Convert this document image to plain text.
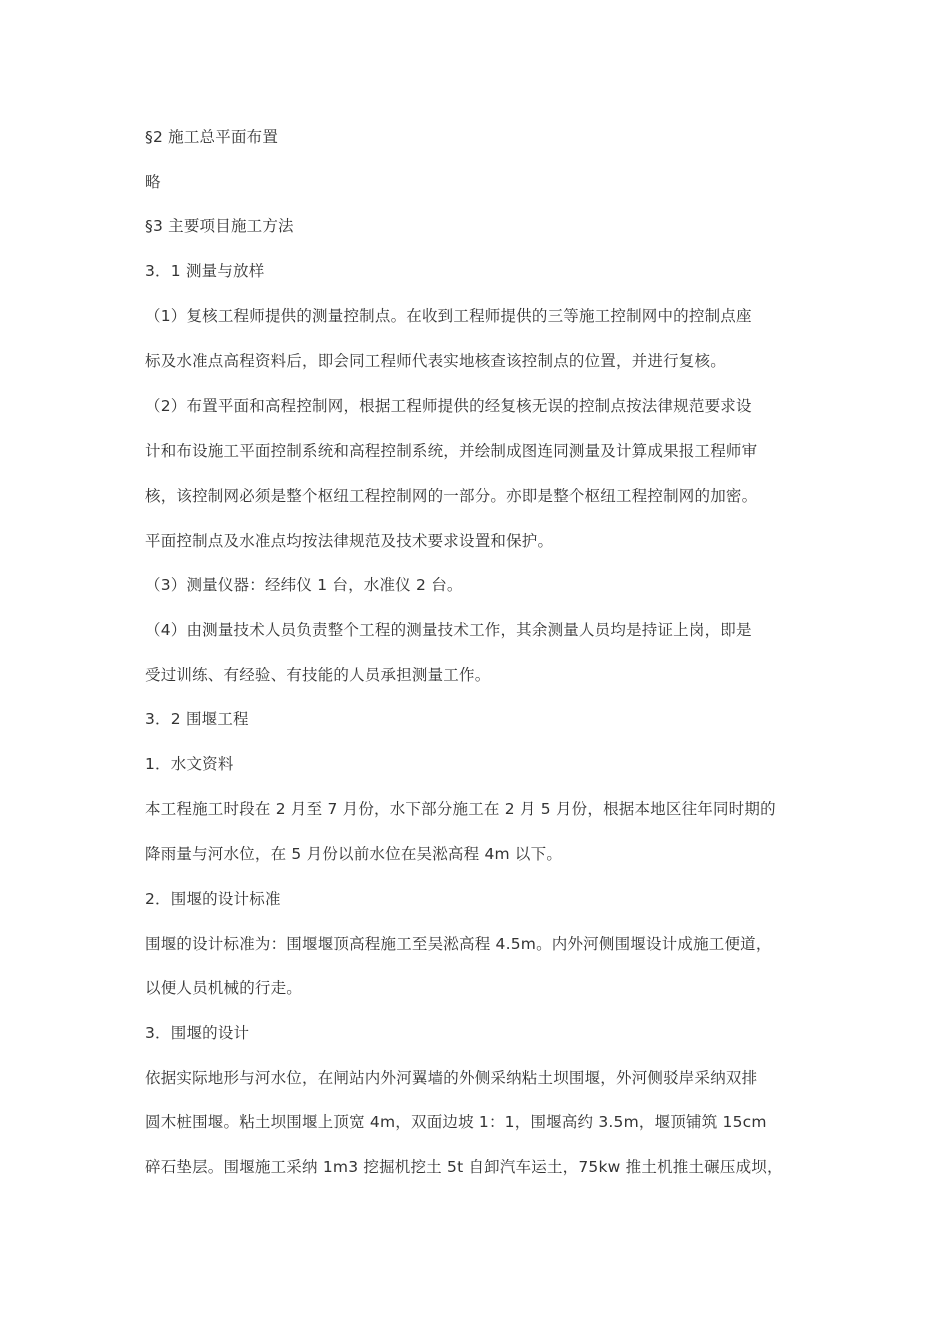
§2 施工总平面布置
略
§3 主要项目施工方法
3．1 测量与放样
（1）复核工程师提供的测量控制点。在收到工程师提供的三等施工控制网中的控制点座
标及水准点高程资料后，即会同工程师代表实地核查该控制点的位置，并进行复核。
（2）布置平面和高程控制网，根据工程师提供的经复核无误的控制点按法律规范要求设
计和布设施工平面控制系统和高程控制系统，并绘制成图连同测量及计算成果报工程师审
核，该控制网必须是整个枢纽工程控制网的一部分。亦即是整个枢纽工程控制网的加密。
平面控制点及水准点均按法律规范及技术要求设置和保护。
（3）测量仪器：经纬仪 1 台，水准仪 2 台。
（4）由测量技术人员负责整个工程的测量技术工作，其余测量人员均是持证上岗，即是
受过训练、有经验、有技能的人员承担测量工作。
3．2 围堰工程
1．水文资料
本工程施工时段在 2 月至 7 月份，水下部分施工在 2 月 5 月份，根据本地区往年同时期的
降雨量与河水位，在 5 月份以前水位在吴淞高程 4m 以下。
2．围堰的设计标准
围堰的设计标准为：围堰堰顶高程施工至吴淞高程 4.5m。内外河侧围堰设计成施工便道，
以便人员机械的行走。
3．围堰的设计
依据实际地形与河水位，在闸站内外河翼墙的外侧采纳粘土坝围堰，外河侧驳岸采纳双排
圆木桩围堰。粘土坝围堰上顶宽 4m，双面边坡 1：1，围堰高约 3.5m，堰顶铺筑 15cm
碎石垫层。围堰施工采纳 1m3 挖掘机挖土 5t 自卸汽车运土，75kw 推土机推土碾压成坝，
